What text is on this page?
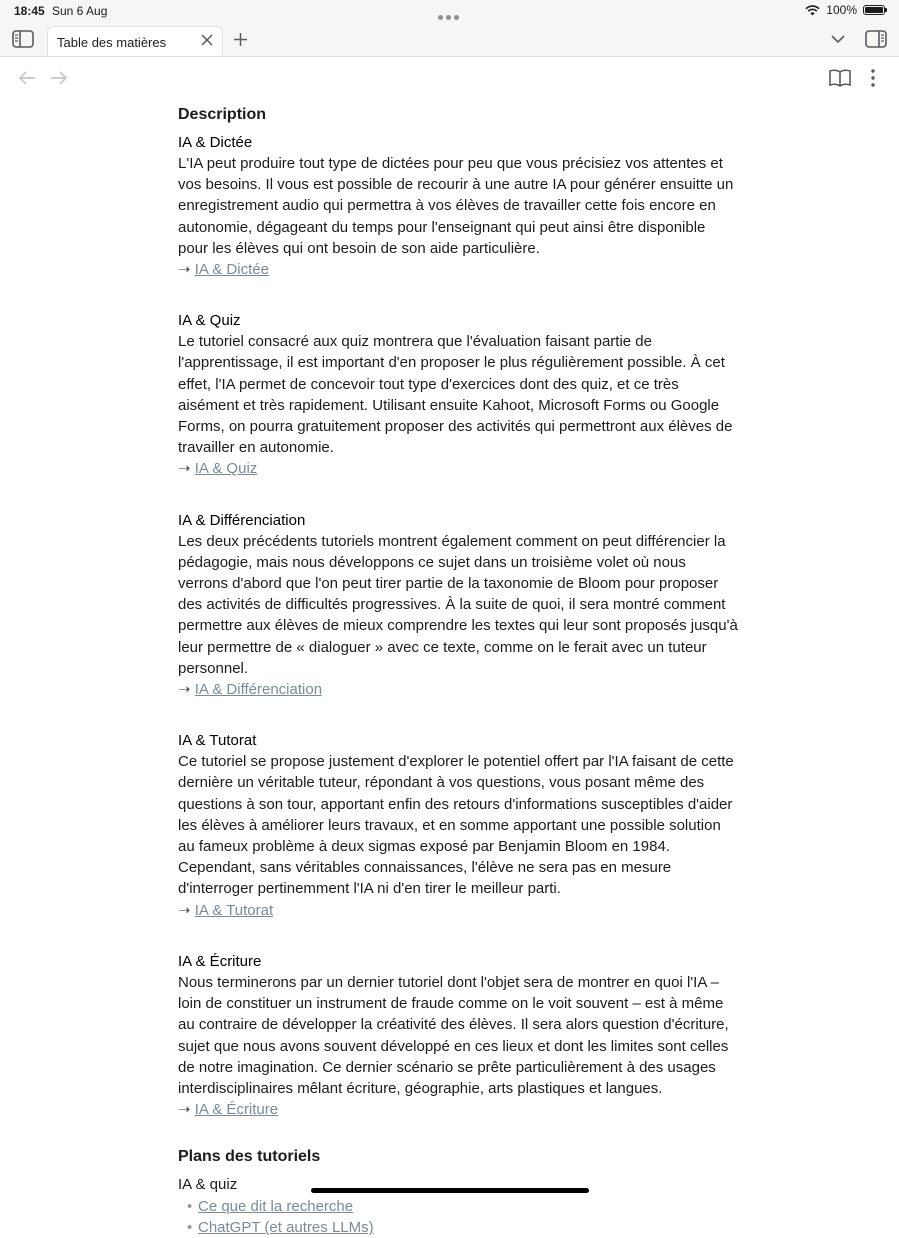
18:45 Sun 6 Aug	100%
Table des matières
Description
IA & Dictée

L'IA peut produire tout type de dictées pour peu que vous précisiez vos attentes et vos besoins. Il vous est possible de recourir à une autre IA pour générer ensuitte un enregistrement audio qui permettra à vos élèves de travailler cette fois encore en autonomie, dégageant du temps pour l'enseignant qui peut ainsi être disponible pour les élèves qui ont besoin de son aide particulière.

➝ IA & Dictée

IA & Quiz

Le tutoriel consacré aux quiz montrera que l'évaluation faisant partie de l'apprentissage, il est important d'en proposer le plus régulièrement possible. À cet effet, l'IA permet de concevoir tout type d'exercices dont des quiz, et ce très aisément et très rapidement. Utilisant ensuite Kahoot, Microsoft Forms ou Google Forms, on pourra gratuitement proposer des activités qui permettront aux élèves de travailler en autonomie.

➝ IA & Quiz

IA & Différenciation

Les deux précédents tutoriels montrent également comment on peut différencier la pédagogie, mais nous développons ce sujet dans un troisième volet où nous verrons d'abord que l'on peut tirer partie de la taxonomie de Bloom pour proposer des activités de difficultés progressives. À la suite de quoi, il sera montré comment permettre aux élèves de mieux comprendre les textes qui leur sont proposés jusqu'à leur permettre de « dialoguer » avec ce texte, comme on le ferait avec un tuteur personnel.

➝ IA & Différenciation

IA & Tutorat

Ce tutoriel se propose justement d'explorer le potentiel offert par l'IA faisant de cette dernière un véritable tuteur, répondant à vos questions, vous posant même des questions à son tour, apportant enfin des retours d'informations susceptibles d'aider les élèves à améliorer leurs travaux, et en somme apportant une possible solution au fameux problème à deux sigmas exposé par Benjamin Bloom en 1984. Cependant, sans véritables connaissances, l'élève ne sera pas en mesure d'interroger pertinemment l'IA ni d'en tirer le meilleur parti.

➝ IA & Tutorat

IA & Écriture

Nous terminerons par un dernier tutoriel dont l'objet sera de montrer en quoi l'IA – loin de constituer un instrument de fraude comme on le voit souvent – est à même au contraire de développer la créativité des élèves. Il sera alors question d'écriture, sujet que nous avons souvent développé en ces lieux et dont les limites sont celles de notre imagination. Ce dernier scénario se prête particulièrement à des usages interdisciplinaires mêlant écriture, géographie, arts plastiques et langues.

➝ IA & Écriture

Plans des tutoriels
IA & quiz
• Ce que dit la recherche
• ChatGPT (et autres LLMs)
